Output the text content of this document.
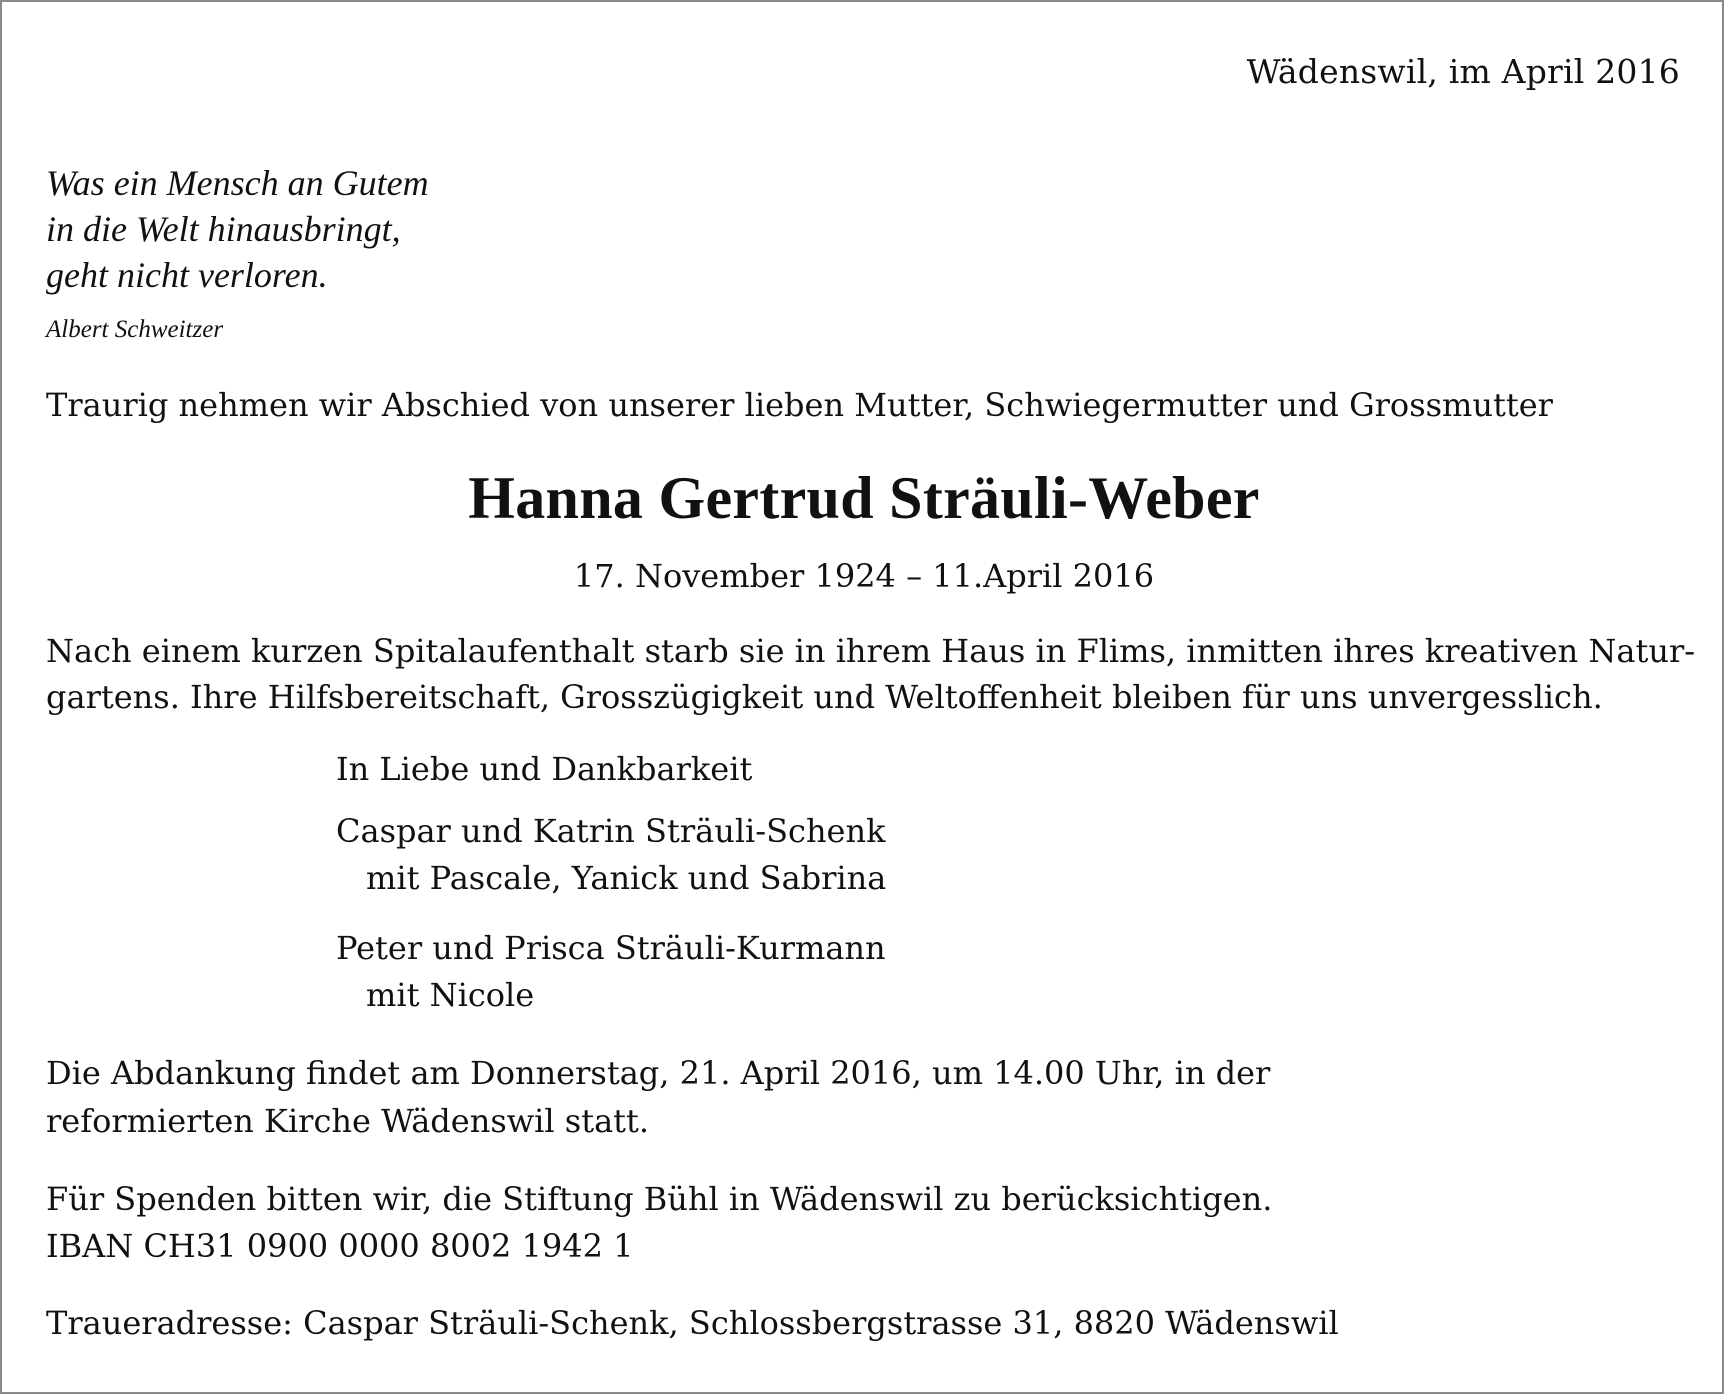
Wädenswil, im April 2016
Was ein Mensch an Gutem
in die Welt hinausbringt,
geht nicht verloren.
Albert Schweitzer
Traurig nehmen wir Abschied von unserer lieben Mutter, Schwiegermutter und Grossmutter
Hanna Gertrud Sträuli-Weber
17. November 1924 – 11.April 2016
Nach einem kurzen Spitalaufenthalt starb sie in ihrem Haus in Flims, inmitten ihres kreativen Natur-
gartens. Ihre Hilfsbereitschaft, Grosszügigkeit und Weltoffenheit bleiben für uns unvergesslich.
In Liebe und Dankbarkeit
Caspar und Katrin Sträuli-Schenk
mit Pascale, Yanick und Sabrina
Peter und Prisca Sträuli-Kurmann
mit Nicole
Die Abdankung findet am Donnerstag, 21. April 2016, um 14.00 Uhr, in der
reformierten Kirche Wädenswil statt.
Für Spenden bitten wir, die Stiftung Bühl in Wädenswil zu berücksichtigen.
IBAN CH31 0900 0000 8002 1942 1
Traueradresse: Caspar Sträuli-Schenk, Schlossbergstrasse 31, 8820 Wädenswil
